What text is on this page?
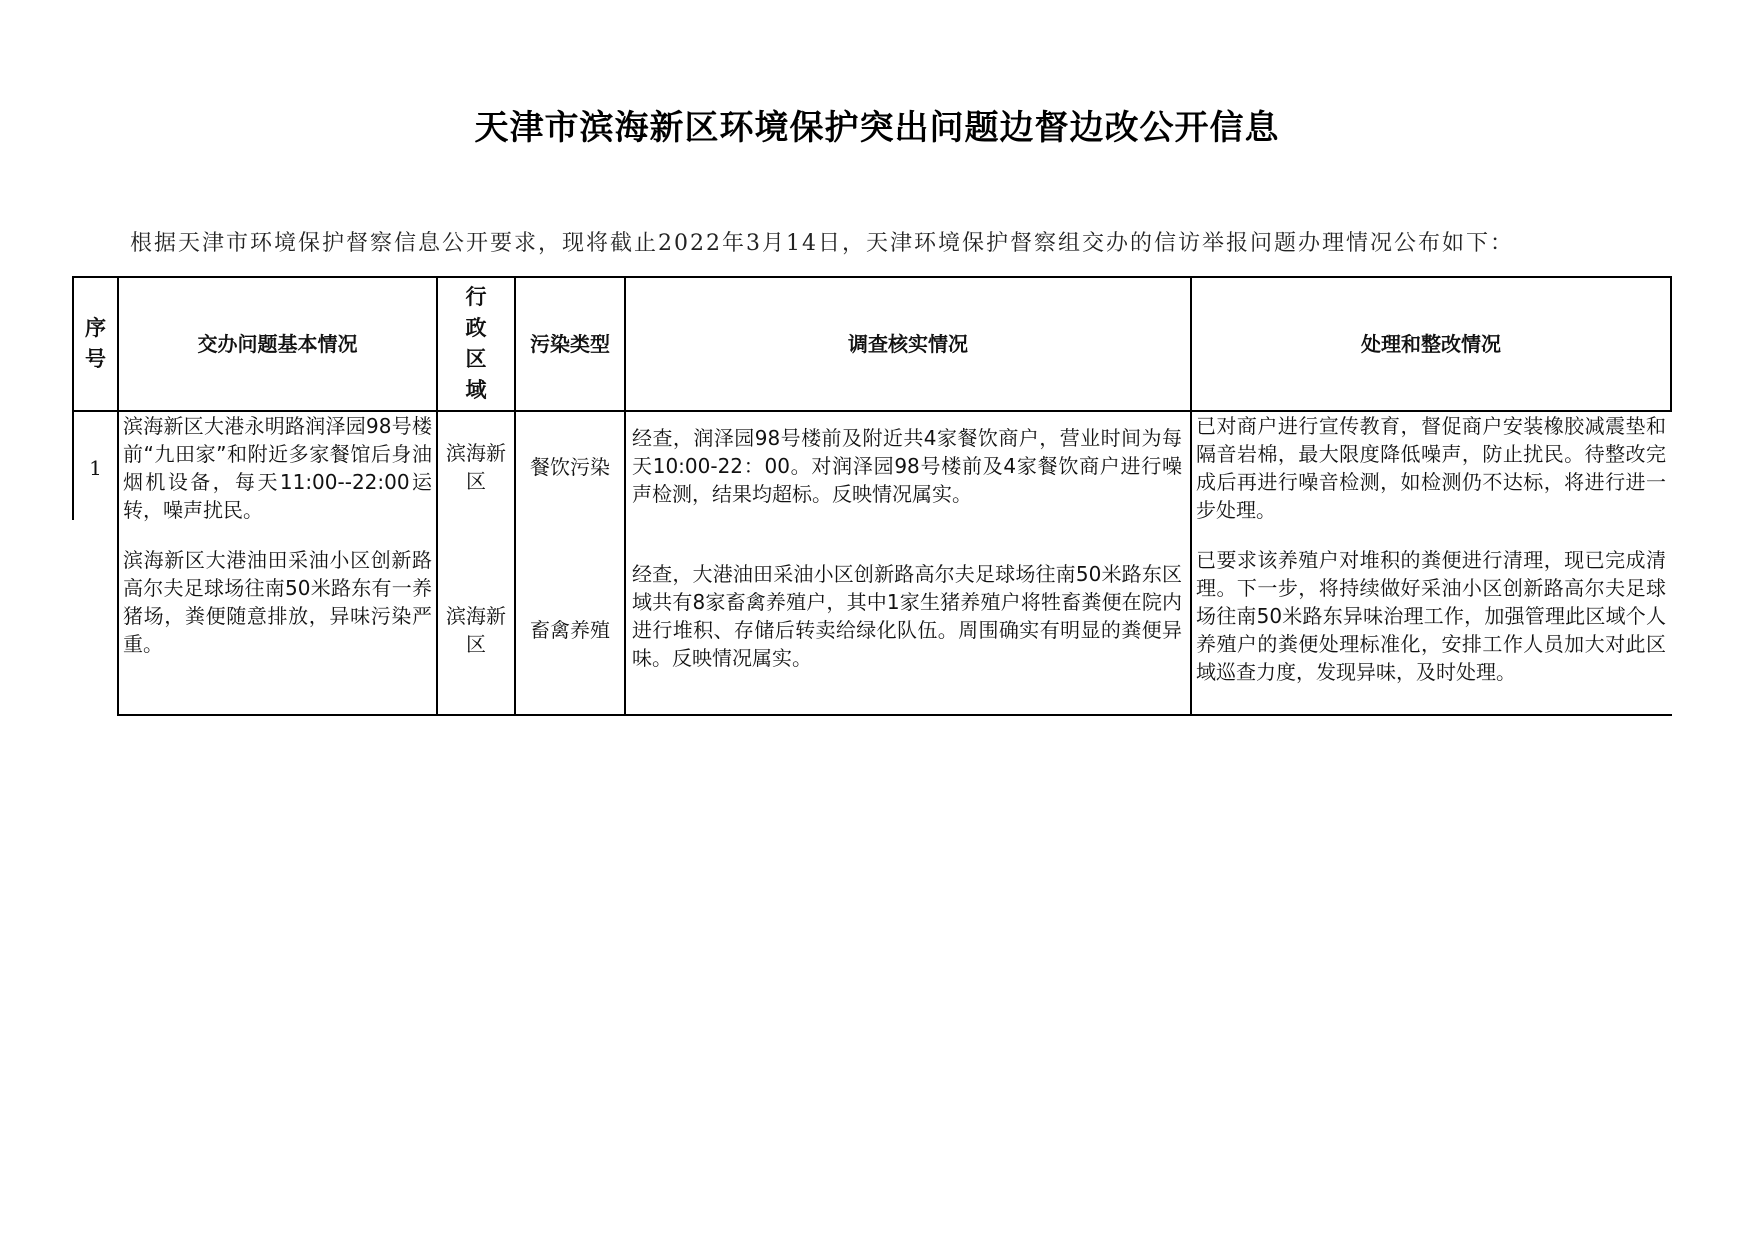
天津市滨海新区环境保护突出问题边督边改公开信息
根据天津市环境保护督察信息公开要求，现将截止2022年3月14日，天津环境保护督察组交办的信访举报问题办理情况公布如下：
序
号
交办问题基本情况
行
政
区
域
污染类型	调查核实情况	处理和整改情况
1
滨海新区大港永明路润泽园98号楼前“九田家”和附近多家餐馆后身油烟机设备，每天11:00--22:00运转，噪声扰民。
滨海新区
餐饮污染
经查，润泽园98号楼前及附近共4家餐饮商户，营业时间为每天10:00-22：00。对润泽园98号楼前及4家餐饮商户进行噪声检测，结果均超标。反映情况属实。
已对商户进行宣传教育，督促商户安装橡胶减震垫和隔音岩棉，最大限度降低噪声，防止扰民。待整改完成后再进行噪音检测，如检测仍不达标，将进行进一步处理。
滨海新区大港油田采油小区创新路高尔夫足球场往南50米路东有一养猪场，粪便随意排放，异味污染严重。
滨海新区
畜禽养殖
经查，大港油田采油小区创新路高尔夫足球场往南50米路东区域共有8家畜禽养殖户，其中1家生猪养殖户将牲畜粪便在院内进行堆积、存储后转卖给绿化队伍。周围确实有明显的粪便异味。反映情况属实。
已要求该养殖户对堆积的粪便进行清理，现已完成清理。下一步，将持续做好采油小区创新路高尔夫足球场往南50米路东异味治理工作，加强管理此区域个人养殖户的粪便处理标准化，安排工作人员加大对此区域巡查力度，发现异味，及时处理。
